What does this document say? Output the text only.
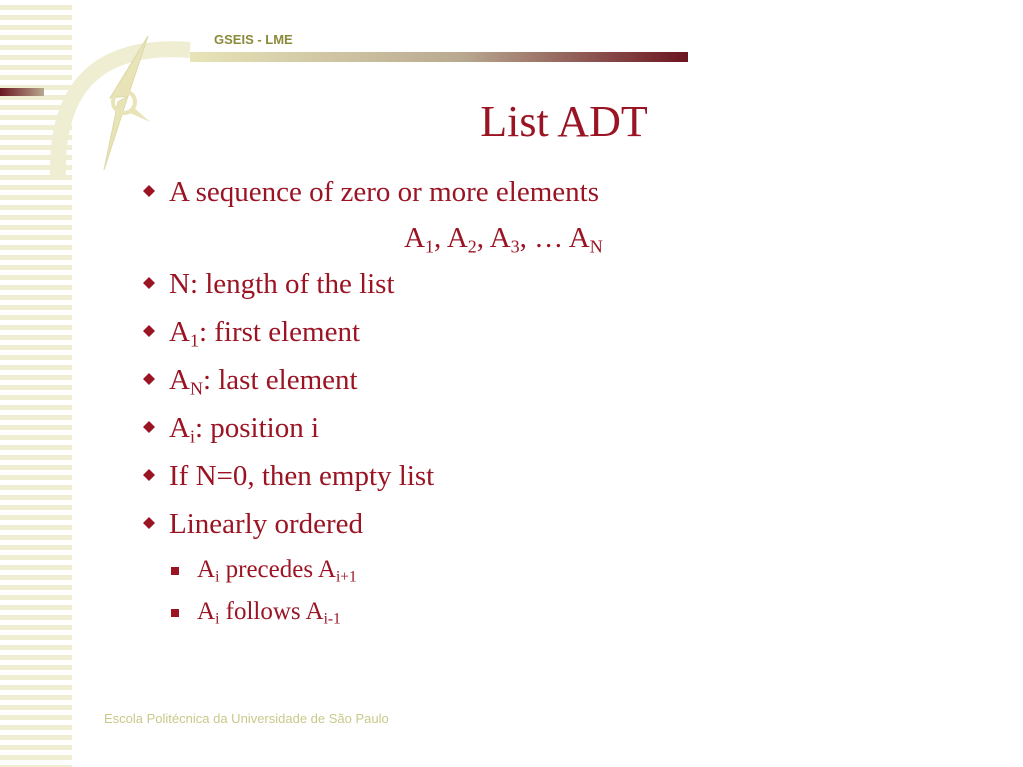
GSEIS - LME
List ADT
A sequence of zero or more elements
$A_1$, $A_2$, $A_3$, … $A_N$
N: length of the list
$A_1$: first element
$A_N$: last element
$A_i$: position i
If N=0, then empty list
Linearly ordered
$A_i$ precedes $A_{i+1}$
$A_i$ follows $A_{i-1}$
Escola Politécnica da Universidade de São Paulo
